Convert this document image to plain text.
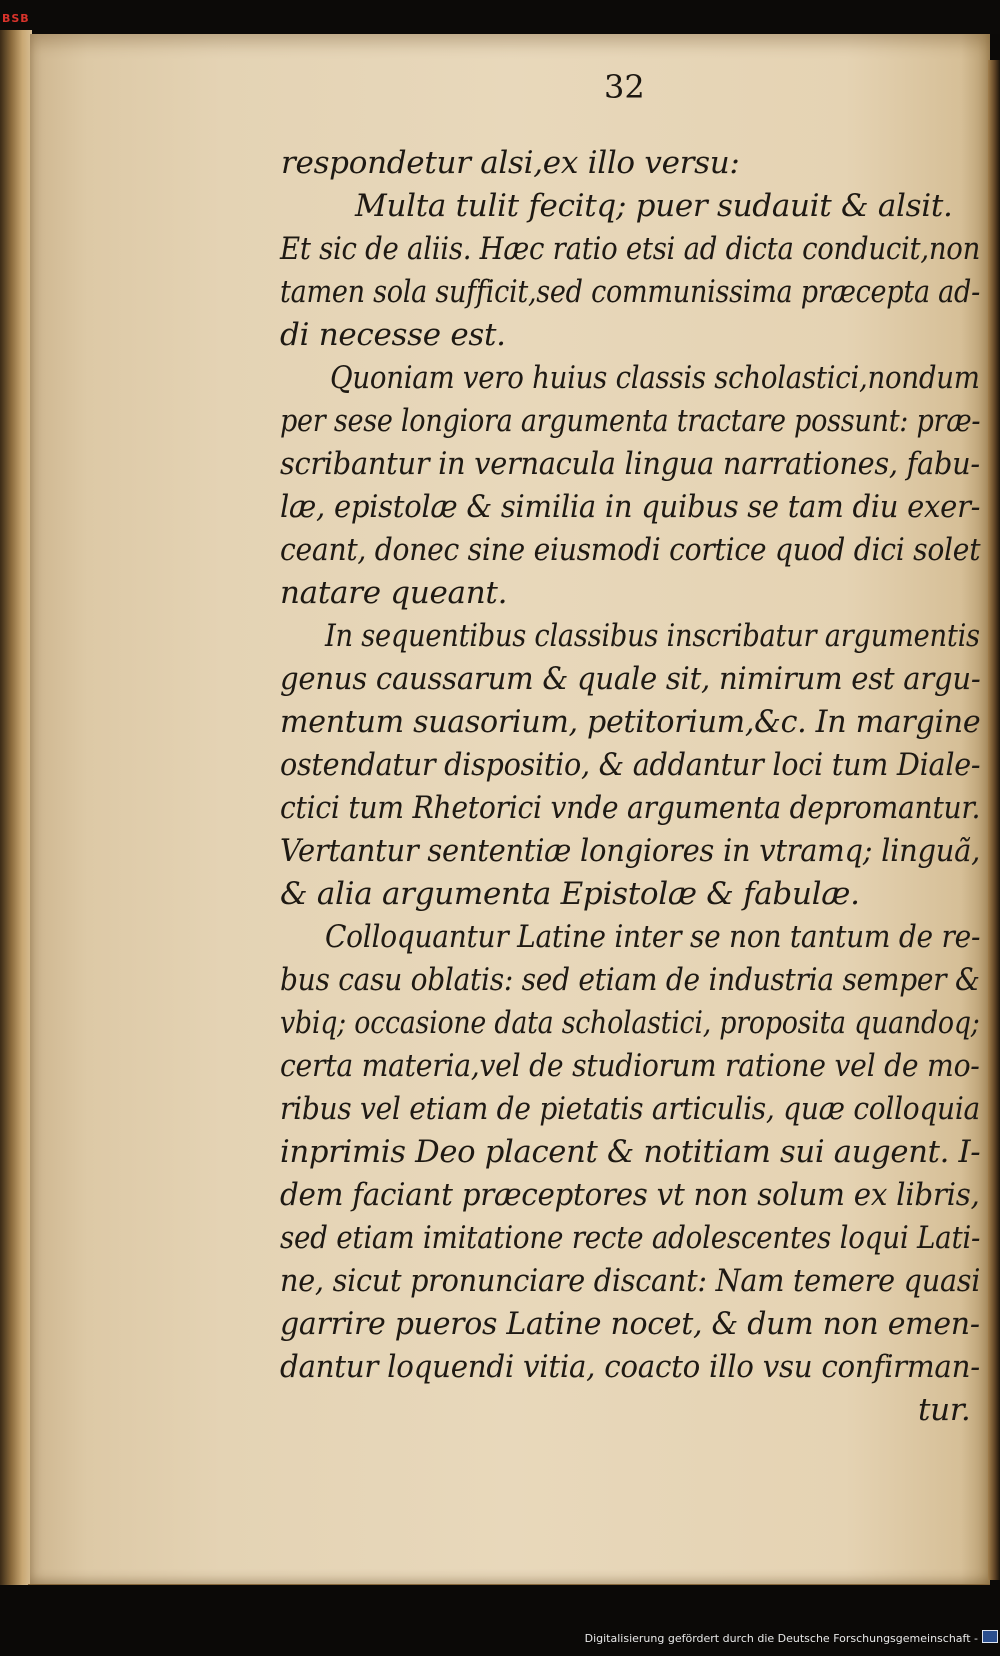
BSB
32

respondetur alsi,ex illo versu:

Multa tulit fecitq; puer sudauit & alsit.

Et sic de aliis. Hæc ratio etsi ad dicta conducit,non

tamen sola sufficit,sed communissima præcepta ad-

di necesse est.

Quoniam vero huius classis scholastici,nondum

per sese longiora argumenta tractare possunt: præ-

scribantur in vernacula lingua narrationes, fabu-

læ, epistolæ & similia in quibus se tam diu exer-

ceant, donec sine eiusmodi cortice quod dici solet

natare queant.

In sequentibus classibus inscribatur argumentis

genus caussarum & quale sit, nimirum est argu-

mentum suasorium, petitorium,&c. In margine

ostendatur dispositio, & addantur loci tum Diale-

ctici tum Rhetorici vnde argumenta depromantur.

Vertantur sententiæ longiores in vtramq; linguã,

& alia argumenta Epistolæ & fabulæ.

Colloquantur Latine inter se non tantum de re-

bus casu oblatis: sed etiam de industria semper &

vbiq; occasione data scholastici, proposita quandoq;

certa materia,vel de studiorum ratione vel de mo-

ribus vel etiam de pietatis articulis, quæ colloquia

inprimis Deo placent & notitiam sui augent. I-

dem faciant præceptores vt non solum ex libris,

sed etiam imitatione recte adolescentes loqui Lati-

ne, sicut pronunciare discant: Nam temere quasi

garrire pueros Latine nocet, & dum non emen-

dantur loquendi vitia, coacto illo vsu confirman-

tur.

Digitalisierung gefördert durch die Deutsche Forschungsgemeinschaft -
